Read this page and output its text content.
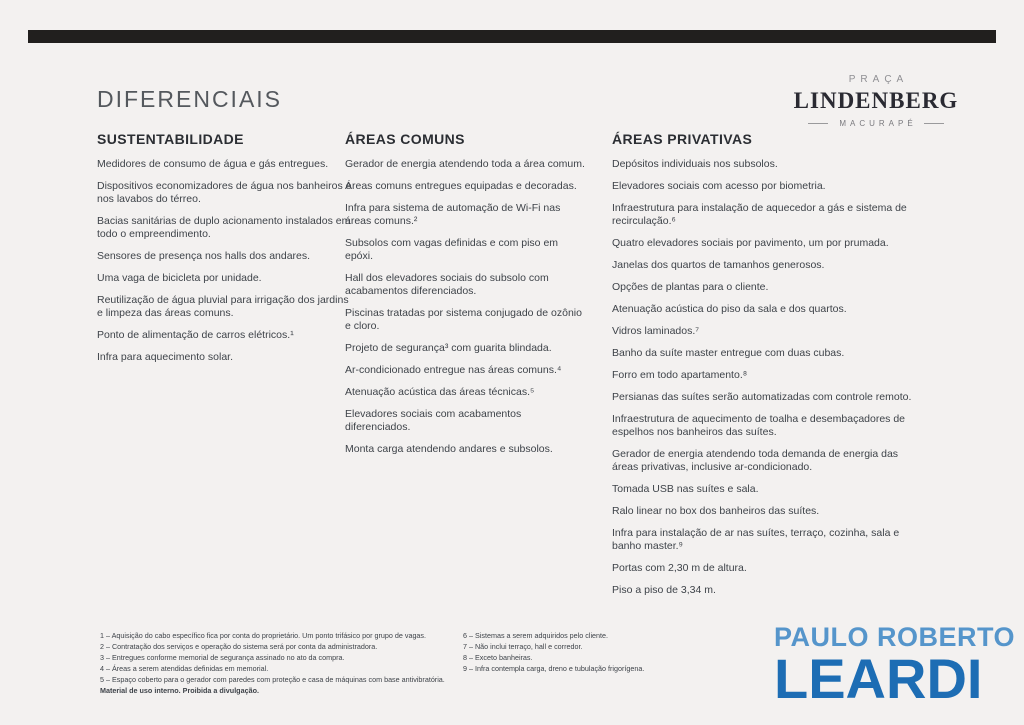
DIFERENCIAIS
PRAÇA
LINDENBERG
MACURAPÉ
SUSTENTABILIDADE

Medidores de consumo de água e gás entregues.

Dispositivos economizadores de água nos banheiros e nos lavabos do térreo.

Bacias sanitárias de duplo acionamento instalados em todo o empreendimento.

Sensores de presença nos halls dos andares.

Uma vaga de bicicleta por unidade.

Reutilização de água pluvial para irrigação dos jardins e limpeza das áreas comuns.

Ponto de alimentação de carros elétricos.¹

Infra para aquecimento solar.

ÁREAS COMUNS

Gerador de energia atendendo toda a área comum.

Áreas comuns entregues equipadas e decoradas.

Infra para sistema de automação de Wi-Fi nas áreas comuns.²

Subsolos com vagas definidas e com piso em epóxi.

Hall dos elevadores sociais do subsolo com acabamentos diferenciados.

Piscinas tratadas por sistema conjugado de ozônio e cloro.

Projeto de segurança³ com guarita blindada.

Ar-condicionado entregue nas áreas comuns.⁴

Atenuação acústica das áreas técnicas.⁵

Elevadores sociais com acabamentos diferenciados.

Monta carga atendendo andares e subsolos.

ÁREAS PRIVATIVAS

Depósitos individuais nos subsolos.

Elevadores sociais com acesso por biometria.

Infraestrutura para instalação de aquecedor a gás e sistema de recirculação.⁶

Quatro elevadores sociais por pavimento, um por prumada.

Janelas dos quartos de tamanhos generosos.

Opções de plantas para o cliente.

Atenuação acústica do piso da sala e dos quartos.

Vidros laminados.⁷

Banho da suíte master entregue com duas cubas.

Forro em todo apartamento.⁸

Persianas das suítes serão automatizadas com controle remoto.

Infraestrutura de aquecimento de toalha e desembaçadores de espelhos nos banheiros das suítes.

Gerador de energia atendendo toda demanda de energia das áreas privativas, inclusive ar-condicionado.

Tomada USB nas suítes e sala.

Ralo linear no box dos banheiros das suítes.

Infra para instalação de ar nas suítes, terraço, cozinha, sala e banho master.⁹

Portas com 2,30 m de altura.

Piso a piso de 3,34 m.

1 – Aquisição do cabo específico fica por conta do proprietário. Um ponto trifásico por grupo de vagas.

2 – Contratação dos serviços e operação do sistema será por conta da administradora.

3 – Entregues conforme memorial de segurança assinado no ato da compra.

4 – Áreas a serem atendidas definidas em memorial.

5 – Espaço coberto para o gerador com paredes com proteção e casa de máquinas com base antivibratória.

Material de uso interno. Proibida a divulgação.

6 – Sistemas a serem adquiridos pelo cliente.

7 – Não inclui terraço, hall e corredor.

8 – Exceto banheiras.

9 – Infra contempla carga, dreno e tubulação frigorígena.

PAULO ROBERTO
LEARDI
